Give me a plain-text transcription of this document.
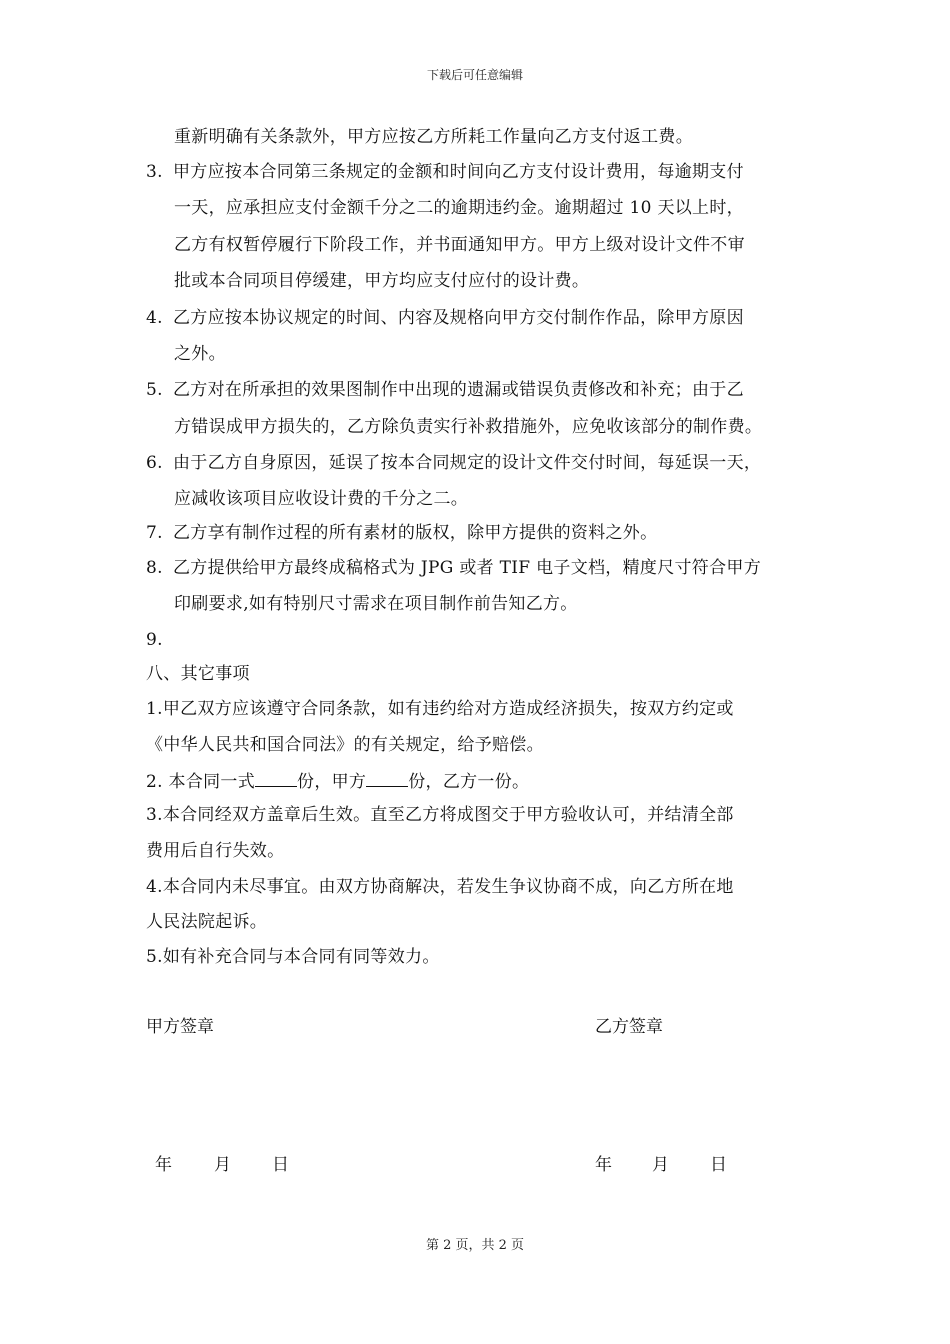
下载后可任意编辑
重新明确有关条款外，甲方应按乙方所耗工作量向乙方支付返工费。
3. 甲方应按本合同第三条规定的金额和时间向乙方支付设计费用，每逾期支付
一天，应承担应支付金额千分之二的逾期违约金。逾期超过 10 天以上时，
乙方有权暂停履行下阶段工作，并书面通知甲方。甲方上级对设计文件不审
批或本合同项目停缓建，甲方均应支付应付的设计费。
4. 乙方应按本协议规定的时间、内容及规格向甲方交付制作作品，除甲方原因
之外。
5. 乙方对在所承担的效果图制作中出现的遗漏或错误负责修改和补充；由于乙
方错误成甲方损失的，乙方除负责实行补救措施外，应免收该部分的制作费。
6. 由于乙方自身原因，延误了按本合同规定的设计文件交付时间，每延误一天，
应减收该项目应收设计费的千分之二。
7. 乙方享有制作过程的所有素材的版权，除甲方提供的资料之外。
8. 乙方提供给甲方最终成稿格式为 JPG 或者 TIF 电子文档，精度尺寸符合甲方
印刷要求,如有特别尺寸需求在项目制作前告知乙方。
9.
八、其它事项
1.甲乙双方应该遵守合同条款，如有违约给对方造成经济损失，按双方约定或
《中华人民共和国合同法》的有关规定，给予赔偿。
2. 本合同一式 份，甲方 份，乙方一份。
3.本合同经双方盖章后生效。直至乙方将成图交于甲方验收认可，并结清全部
费用后自行失效。
4.本合同内未尽事宜。由双方协商解决，若发生争议协商不成，向乙方所在地
人民法院起诉。
5.如有补充合同与本合同有同等效力。
甲方签章	乙方签章
年 月 日	年 月 日
第 2 页，共 2 页
